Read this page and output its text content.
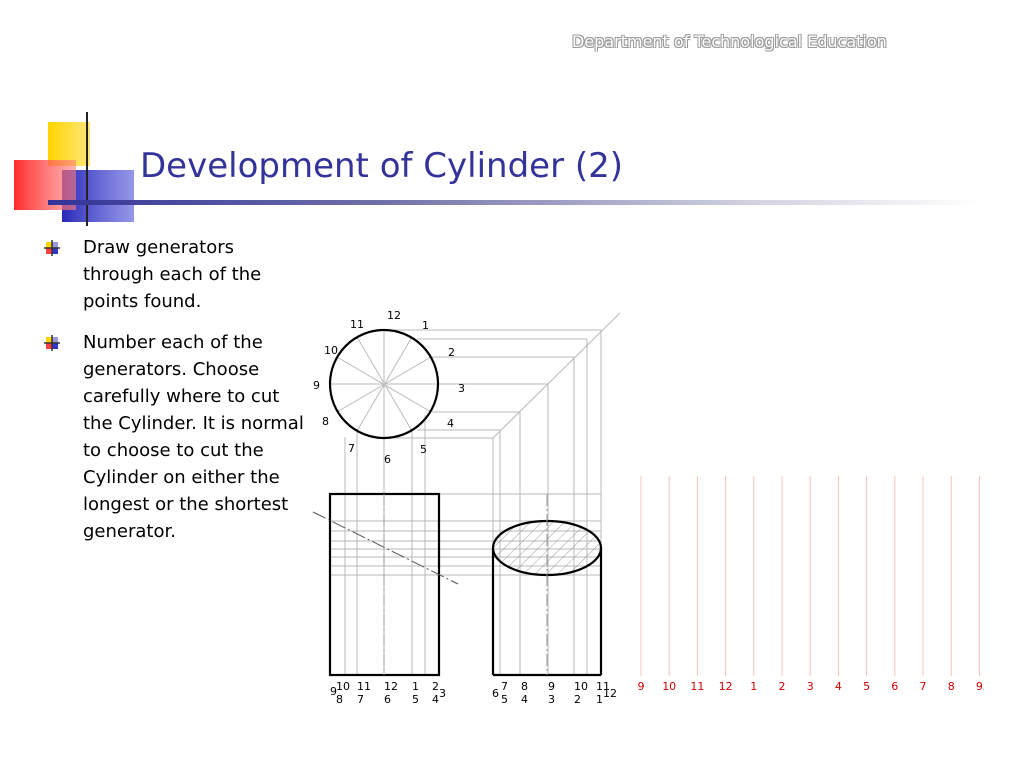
Department of Technological Education
Development of Cylinder (2)
Draw generators through each of the points found.
Number each of the generators. Choose carefully where to cut the Cylinder. It is normal to choose to cut the Cylinder on either the longest or the shortest generator.
12
11	1
10	2
9	3
8	4
7	5
6
10 11 12 1 2
9
8 7 6 5 4 3	6
7 8 9 10 11
5 4 3 2 1 12
9 10 11 12 1 2 3 4 5 6 7 8 9
